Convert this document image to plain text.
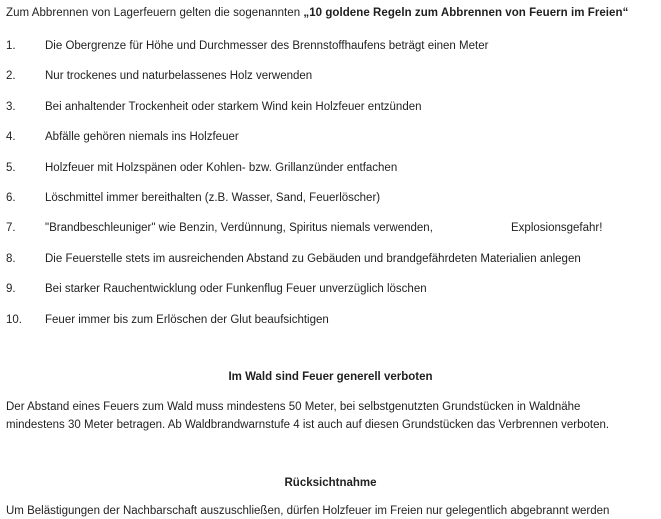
Zum Abbrennen von Lagerfeuern gelten die sogenannten „10 goldene Regeln zum Abbrennen von Feuern im Freien“
1.	Die Obergrenze für Höhe und Durchmesser des Brennstoffhaufens beträgt einen Meter
2.	Nur trockenes und naturbelassenes Holz verwenden
3.	Bei anhaltender Trockenheit oder starkem Wind kein Holzfeuer entzünden
4.	Abfälle gehören niemals ins Holzfeuer
5.	Holzfeuer mit Holzspänen oder Kohlen- bzw. Grillanzünder entfachen
6.	Löschmittel immer bereithalten (z.B. Wasser, Sand, Feuerlöscher)
7.	"Brandbeschleuniger" wie Benzin, Verdünnung, Spiritus niemals verwenden,	Explosionsgefahr!
8.	Die Feuerstelle stets im ausreichenden Abstand zu Gebäuden und brandgefährdeten Materialien anlegen
9.	Bei starker Rauchentwicklung oder Funkenflug Feuer unverzüglich löschen
10. Feuer immer bis zum Erlöschen der Glut beaufsichtigen
Im Wald sind Feuer generell verboten
Der Abstand eines Feuers zum Wald muss mindestens 50 Meter, bei selbstgenutzten Grundstücken in Waldnähe
mindestens 30 Meter betragen. Ab Waldbrandwarnstufe 4 ist auch auf diesen Grundstücken das Verbrennen verboten.
Rücksichtnahme
Um Belästigungen der Nachbarschaft auszuschließen, dürfen Holzfeuer im Freien nur gelegentlich abgebrannt werden
